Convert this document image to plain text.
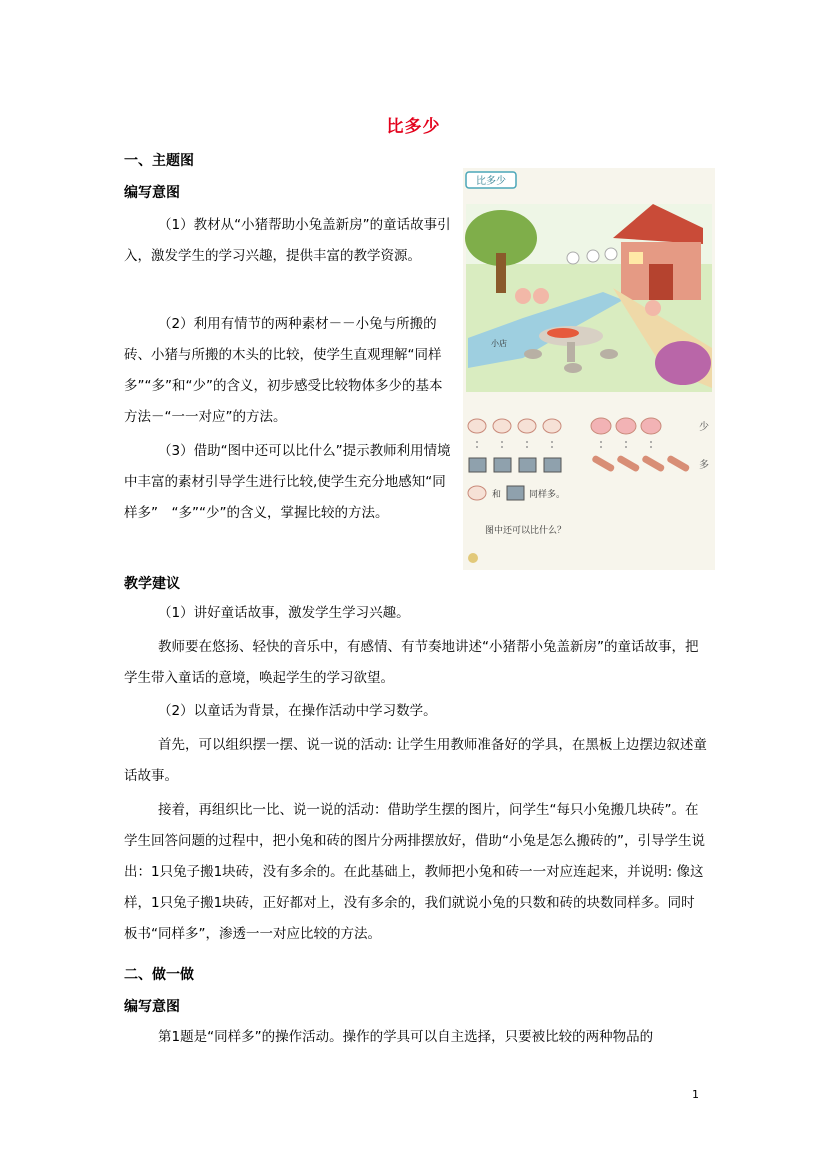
比多少
一、主题图
编写意图

（1）教材从“小猪帮助小兔盖新房”的童话故事引入，激发学生的学习兴趣，提供丰富的教学资源。

（2）利用有情节的两种素材－－小兔与所搬的砖、小猪与所搬的木头的比较，使学生直观理解“同样多”“多”和“少”的含义，初步感受比较物体多少的基本方法－“一一对应”的方法。

（3）借助“图中还可以比什么”提示教师利用情境中丰富的素材引导学生进行比较,使学生充分地感知“同样多”　“多”“少”的含义，掌握比较的方法。

教学建议

（1）讲好童话故事，激发学生学习兴趣。

教师要在悠扬、轻快的音乐中，有感情、有节奏地讲述“小猪帮小兔盖新房”的童话故事，把学生带入童话的意境，唤起学生的学习欲望。

（2）以童话为背景，在操作活动中学习数学。

首先，可以组织摆一摆、说一说的活动: 让学生用教师准备好的学具，在黑板上边摆边叙述童话故事。

接着，再组织比一比、说一说的活动：借助学生摆的图片，问学生“每只小兔搬几块砖”。在学生回答问题的过程中，把小兔和砖的图片分两排摆放好，借助“小兔是怎么搬砖的”，引导学生说出：1只兔子搬1块砖，没有多余的。在此基础上，教师把小兔和砖一一对应连起来，并说明: 像这样，1只兔子搬1块砖，正好都对上，没有多余的，我们就说小兔的只数和砖的块数同样多。同时板书“同样多”，渗透一一对应比较的方法。

二、做一做
编写意图

第1题是“同样多”的操作活动。操作的学具可以自主选择，只要被比较的两种物品的

比多少
小店
少
多
和	同样多。
图中还可以比什么？
1
